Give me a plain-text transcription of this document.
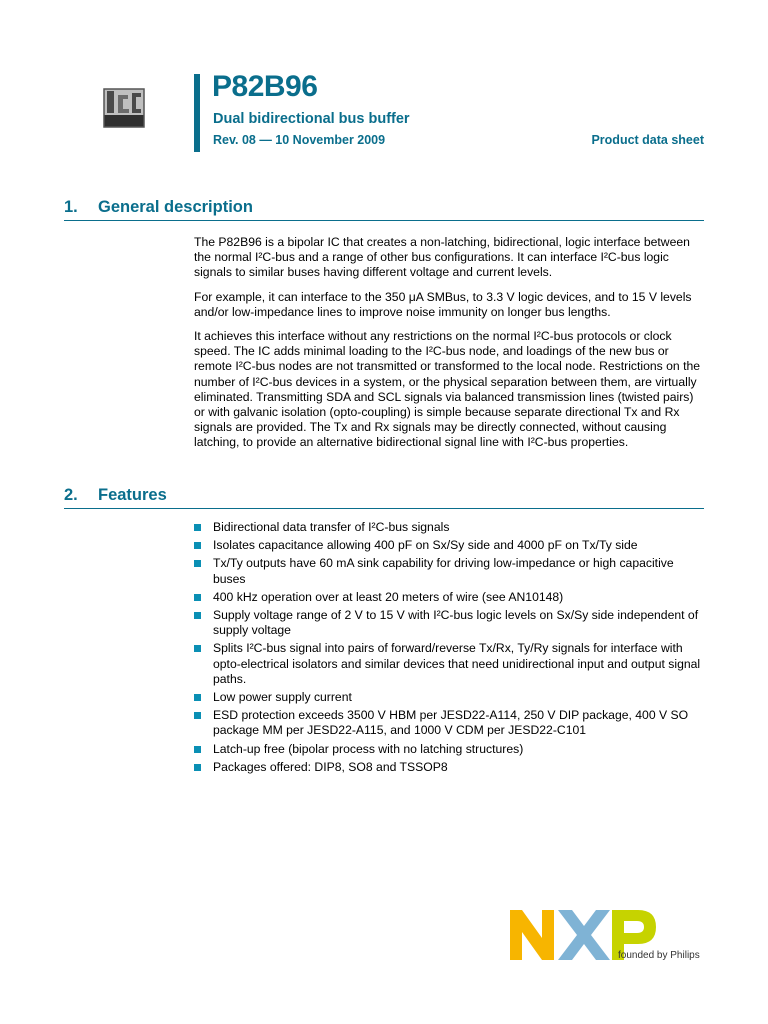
P82B96
Dual bidirectional bus buffer
Rev. 08 — 10 November 2009	Product data sheet
1. General description

The P82B96 is a bipolar IC that creates a non-latching, bidirectional, logic interface between the normal I²C-bus and a range of other bus configurations. It can interface I²C-bus logic signals to similar buses having different voltage and current levels.

For example, it can interface to the 350 μA SMBus, to 3.3 V logic devices, and to 15 V levels and/or low-impedance lines to improve noise immunity on longer bus lengths.

It achieves this interface without any restrictions on the normal I²C-bus protocols or clock speed. The IC adds minimal loading to the I²C-bus node, and loadings of the new bus or remote I²C-bus nodes are not transmitted or transformed to the local node. Restrictions on the number of I²C-bus devices in a system, or the physical separation between them, are virtually eliminated. Transmitting SDA and SCL signals via balanced transmission lines (twisted pairs) or with galvanic isolation (opto-coupling) is simple because separate directional Tx and Rx signals are provided. The Tx and Rx signals may be directly connected, without causing latching, to provide an alternative bidirectional signal line with I²C-bus properties.

2. Features
Bidirectional data transfer of I²C-bus signals
Isolates capacitance allowing 400 pF on Sx/Sy side and 4000 pF on Tx/Ty side
Tx/Ty outputs have 60 mA sink capability for driving low-impedance or high capacitive buses
400 kHz operation over at least 20 meters of wire (see AN10148)
Supply voltage range of 2 V to 15 V with I²C-bus logic levels on Sx/Sy side independent of supply voltage
Splits I²C-bus signal into pairs of forward/reverse Tx/Rx, Ty/Ry signals for interface with opto-electrical isolators and similar devices that need unidirectional input and output signal paths.
Low power supply current
ESD protection exceeds 3500 V HBM per JESD22-A114, 250 V DIP package, 400 V SO package MM per JESD22-A115, and 1000 V CDM per JESD22-C101
Latch-up free (bipolar process with no latching structures)
Packages offered: DIP8, SO8 and TSSOP8
founded by Philips
